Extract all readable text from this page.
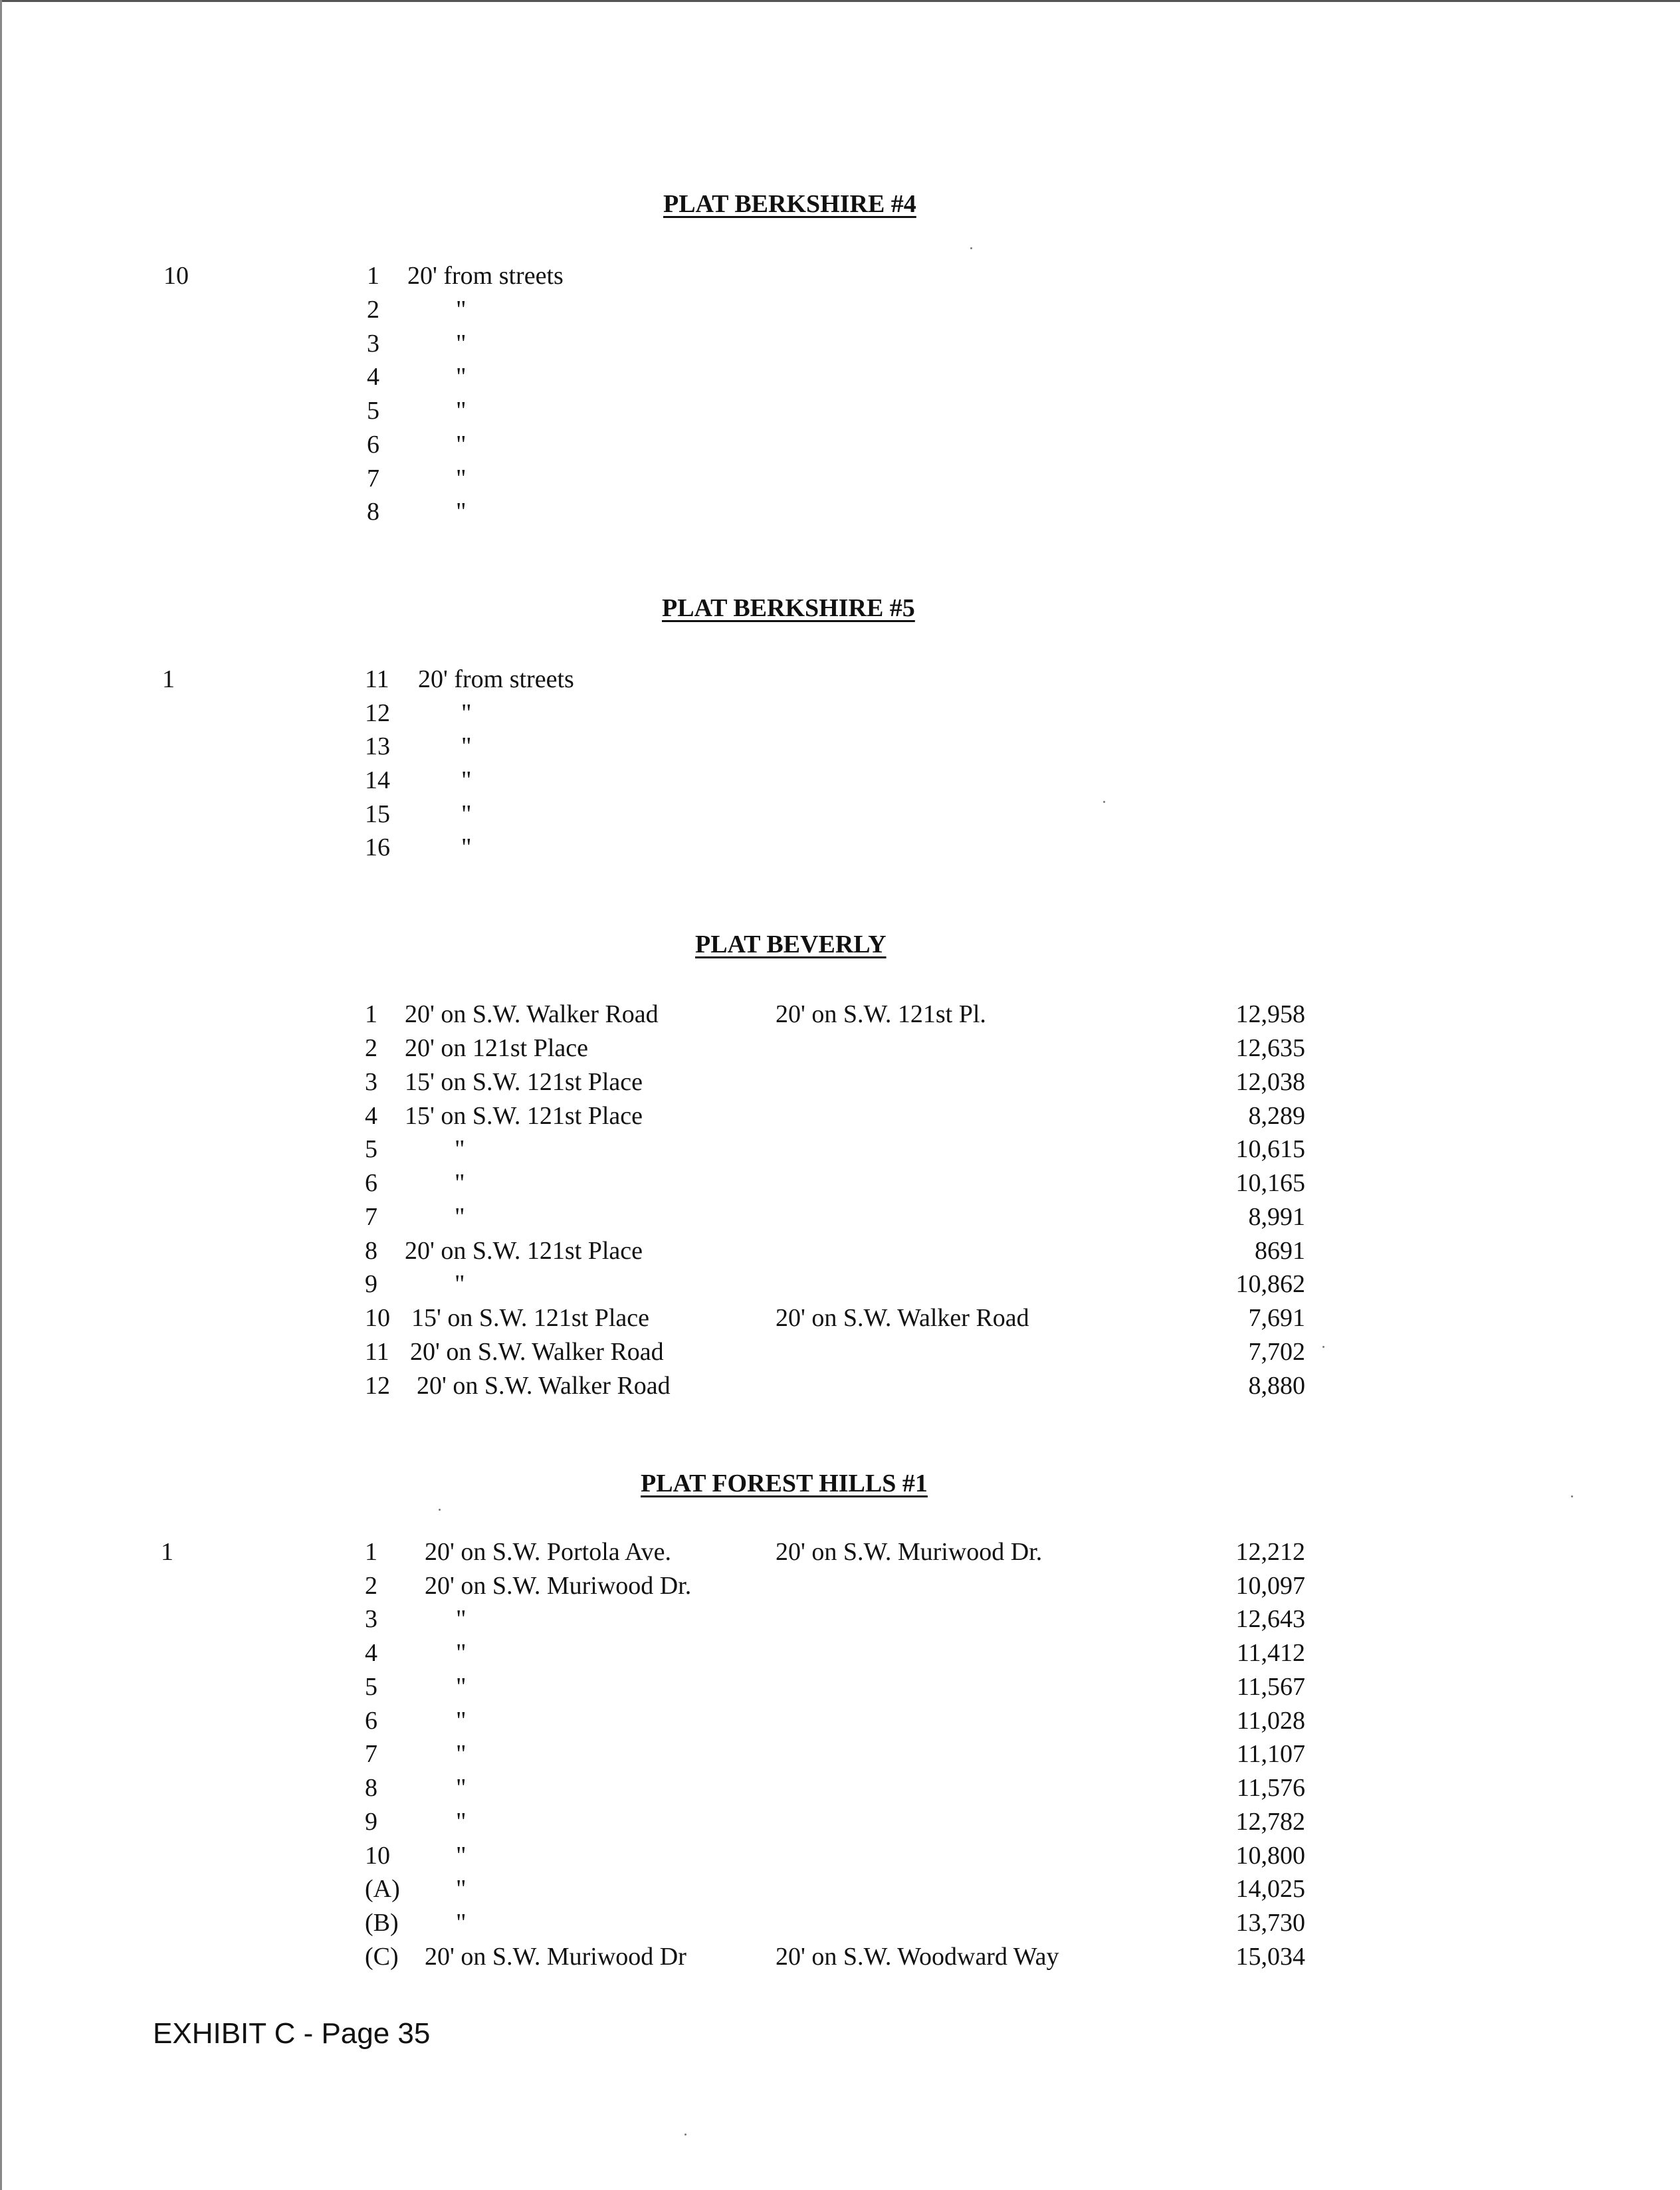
PLAT BERKSHIRE #4
10	1 20' from streets
2	"
3	"
4	"
5	"
6	"
7	"
8	"
PLAT BERKSHIRE #5
1	11 20' from streets
12	"
13	"
14	"
15	"
16	"
PLAT BEVERLY
1 20' on S.W. Walker Road	20' on S.W. 121st Pl.	12,958
2 20' on 121st Place	12,635
3 15' on S.W. 121st Place	12,038
4 15' on S.W. 121st Place	8,289
5	"	10,615
6	"	10,165
7	"	8,991
8 20' on S.W. 121st Place	8691
9	"	10,862
10 15' on S.W. 121st Place	20' on S.W. Walker Road	7,691
11 20' on S.W. Walker Road	7,702
12 20' on S.W. Walker Road	8,880
PLAT FOREST HILLS #1
1	1 20' on S.W. Portola Ave.	20' on S.W. Muriwood Dr.	12,212
2 20' on S.W. Muriwood Dr.	10,097
3	"	12,643
4	"	11,412
5	"	11,567
6	"	11,028
7	"	11,107
8	"	11,576
9	"	12,782
10	"	10,800
(A) "	14,025
(B) "	13,730
(C) 20' on S.W. Muriwood Dr	20' on S.W. Woodward Way	15,034
EXHIBIT C - Page 35
